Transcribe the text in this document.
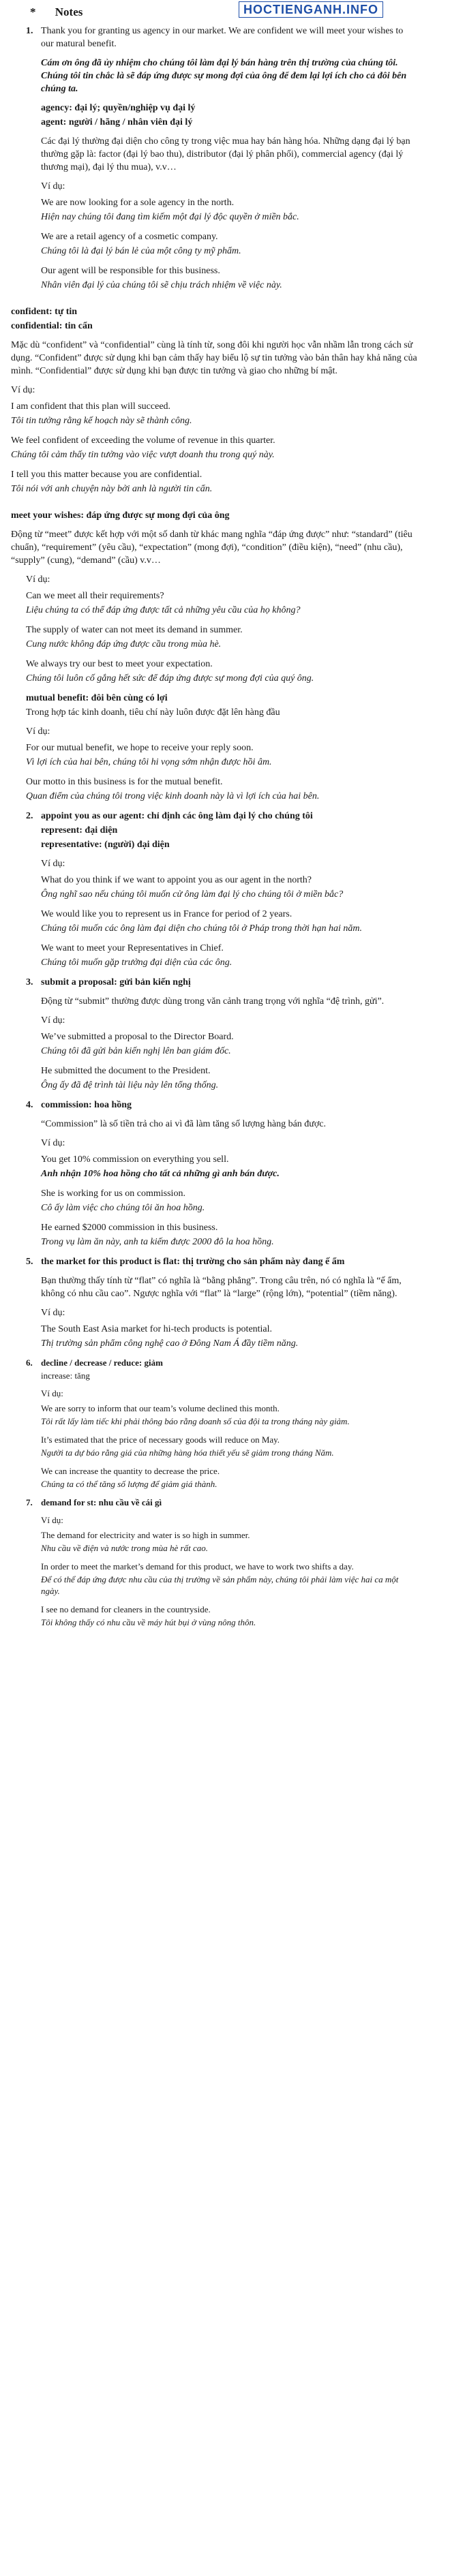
HOCTIENGANH.INFO
* Notes
1. Thank you for granting us agency in our market. We are confident we will meet your wishes to our matural benefit.

Cám ơn ông đã ủy nhiệm cho chúng tôi làm đại lý bán hàng trên thị trường của chúng tôi. Chúng tôi tin chắc là sẽ đáp ứng được sự mong đợi của ông để đem lại lợi ích cho cả đôi bên chúng ta.

agency: đại lý; quyền/nghiệp vụ đại lý

agent: người / hãng / nhân viên đại lý

Các đại lý thường đại diện cho công ty trong việc mua hay bán hàng hóa. Những dạng đại lý bạn thường gặp là: factor (đại lý bao thu), distributor (đại lý phân phối), commercial agency (đại lý thương mại), đại lý thu mua), v.v…

Ví dụ:

We are now looking for a sole agency in the north.

Hiện nay chúng tôi đang tìm kiếm một đại lý độc quyền ở miền bắc.

We are a retail agency of a cosmetic company.

Chúng tôi là đại lý bán lẻ của một công ty mỹ phẩm.

Our agent will be responsible for this business.

Nhân viên đại lý của chúng tôi sẽ chịu trách nhiệm về việc này.

confident: tự tin

confidential: tin cẩn

Mặc dù “confident” và “confidential” cùng là tính từ, song đôi khi người học vẫn nhầm lẫn trong cách sử dụng. “Confident” được sử dụng khi bạn cảm thấy hay biểu lộ sự tin tưởng vào bản thân hay khả năng của mình. “Confidential” được sử dụng khi bạn được tin tưởng và giao cho những bí mật.

Ví dụ:

I am confident that this plan will succeed.

Tôi tin tưởng rằng kế hoạch này sẽ thành công.

We feel confident of exceeding the volume of revenue in this quarter.

Chúng tôi cảm thấy tin tưởng vào việc vượt doanh thu trong quý này.

I tell you this matter because you are confidential.

Tôi nói với anh chuyện này bởi anh là người tin cẩn.

meet your wishes: đáp ứng được sự mong đợi của ông

Động từ “meet” được kết hợp với một số danh từ khác mang nghĩa “đáp ứng được” như: “standard” (tiêu chuẩn), “requirement” (yêu cầu), “expectation” (mong đợi), “condition” (điều kiện), “need” (nhu cầu), “supply” (cung), “demand” (cầu) v.v…

Ví dụ:

Can we meet all their requirements?

Liệu chúng ta có thể đáp ứng được tất cả những yêu cầu của họ không?

The supply of water can not meet its demand in summer.

Cung nước không đáp ứng được cầu trong mùa hè.

We always try our best to meet your expectation.

Chúng tôi luôn cố gắng hết sức để đáp ứng được sự mong đợi của quý ông.

mutual benefit: đôi bên cùng có lợi

Trong hợp tác kinh doanh, tiêu chí này luôn được đặt lên hàng đầu

Ví dụ:

For our mutual benefit, we hope to receive your reply soon.

Vì lợi ích của hai bên, chúng tôi hi vọng sớm nhận được hồi âm.

Our motto in this business is for the mutual benefit.

Quan điểm của chúng tôi trong việc kinh doanh này là vì lợi ích của hai bên.

2. appoint you as our agent: chỉ định các ông làm đại lý cho chúng tôi

represent: đại diện

representative: (người) đại diện

Ví dụ:

What do you think if we want to appoint you as our agent in the north?

Ông nghĩ sao nếu chúng tôi muốn cử ông làm đại lý cho chúng tôi ở miền bắc?

We would like you to represent us in France for period of 2 years.

Chúng tôi muốn các ông làm đại diện cho chúng tôi ở Pháp trong thời hạn hai năm.

We want to meet your Representatives in Chief.

Chúng tôi muốn gặp trưởng đại diện của các ông.

3. submit a proposal: gửi bản kiến nghị

Động từ “submit” thường được dùng trong văn cảnh trang trọng với nghĩa “đệ trình, gửi”.

Ví dụ:

We’ve submitted a proposal to the Director Board.

Chúng tôi đã gửi bản kiến nghị lên ban giám đốc.

He submitted the document to the President.

Ông ấy đã đệ trình tài liệu này lên tổng thống.

4. commission: hoa hồng

“Commission” là số tiền trả cho ai vì đã làm tăng số lượng hàng bán được.

Ví dụ:

You get 10% commission on everything you sell.

Anh nhận 10% hoa hồng cho tất cả những gì anh bán được.

She is working for us on commission.

Cô ấy làm việc cho chúng tôi ăn hoa hồng.

He earned $2000 commission in this business.

Trong vụ làm ăn này, anh ta kiếm được 2000 đô la hoa hồng.

5. the market for this product is flat: thị trường cho sản phẩm này đang ế ẩm

Bạn thường thấy tính từ “flat” có nghĩa là “bằng phẳng”. Trong câu trên, nó có nghĩa là “ế ẩm, không có nhu cầu cao”. Ngược nghĩa với “flat” là “large” (rộng lớn), “potential” (tiềm năng).

Ví dụ:

The South East Asia market for hi-tech products is potential.

Thị trường sản phẩm công nghệ cao ở Đông Nam Á đầy tiềm năng.

6. decline / decrease / reduce: giảm

increase: tăng

Ví dụ:

We are sorry to inform that our team’s volume declined this month.

Tôi rất lấy làm tiếc khi phải thông báo rằng doanh số của đội ta trong tháng này giảm.

It’s estimated that the price of necessary goods will reduce on May.

Người ta dự báo rằng giá của những hàng hóa thiết yếu sẽ giảm trong tháng Năm.

We can increase the quantity to decrease the price.

Chúng ta có thể tăng số lượng để giảm giá thành.

7. demand for st: nhu cầu về cái gì

Ví dụ:

The demand for electricity and water is so high in summer.

Nhu cầu về điện và nước trong mùa hè rất cao.

In order to meet the market’s demand for this product, we have to work two shifts a day.

Để có thể đáp ứng được nhu cầu của thị trường về sản phẩm này, chúng tôi phải làm việc hai ca một ngày.

I see no demand for cleaners in the countryside.

Tôi không thấy có nhu cầu về máy hút bụi ở vùng nông thôn.
